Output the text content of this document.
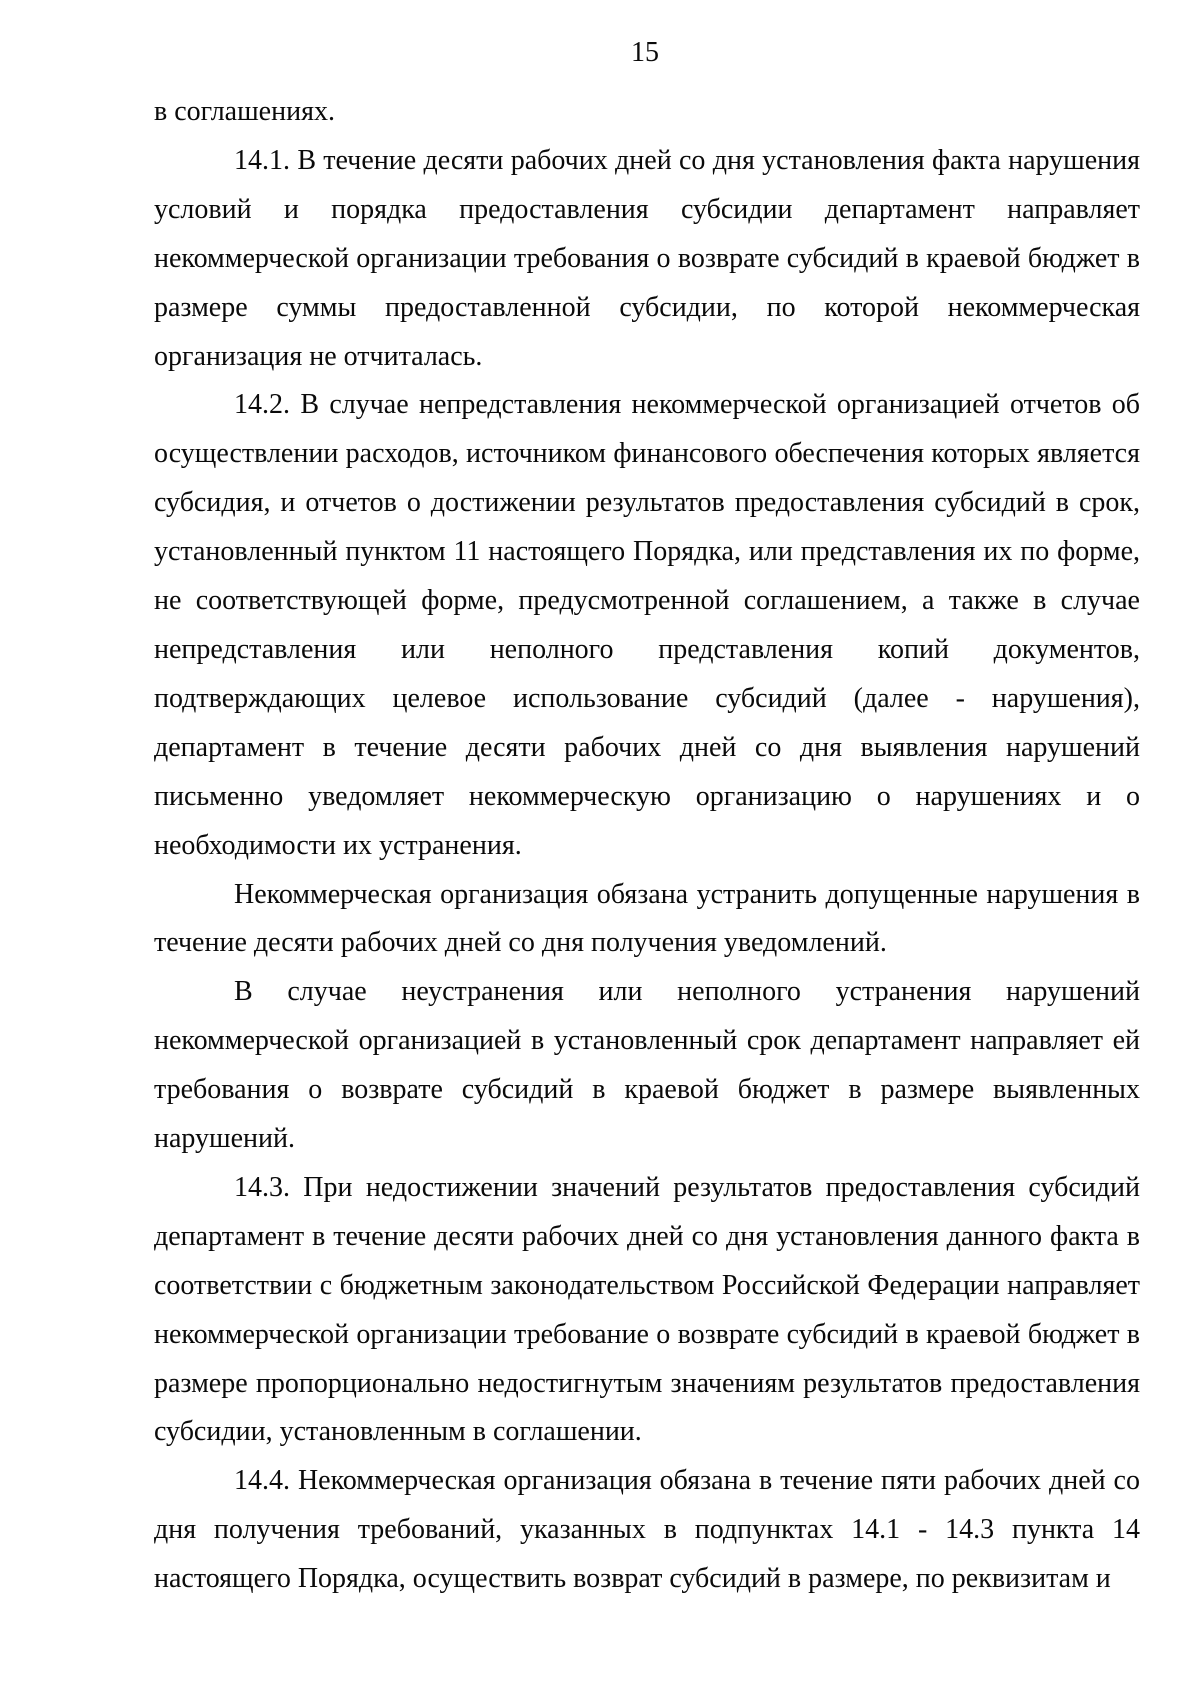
15

в соглашениях.

14.1. В течение десяти рабочих дней со дня установления факта нарушения условий и порядка предоставления субсидии департамент направляет некоммерческой организации требования о возврате субсидий в краевой бюджет в размере суммы предоставленной субсидии, по которой некоммерческая организация не отчиталась.

14.2. В случае непредставления некоммерческой организацией отчетов об осуществлении расходов, источником финансового обеспечения которых является субсидия, и отчетов о достижении результатов предоставления субсидий в срок, установленный пунктом 11 настоящего Порядка, или представления их по форме, не соответствующей форме, предусмотренной соглашением, а также в случае непредставления или неполного представления копий документов, подтверждающих целевое использование субсидий (далее - нарушения), департамент в течение десяти рабочих дней со дня выявления нарушений письменно уведомляет некоммерческую организацию о нарушениях и о необходимости их устранения.

Некоммерческая организация обязана устранить допущенные нарушения в течение десяти рабочих дней со дня получения уведомлений.

В случае неустранения или неполного устранения нарушений некоммерческой организацией в установленный срок департамент направляет ей требования о возврате субсидий в краевой бюджет в размере выявленных нарушений.

14.3. При недостижении значений результатов предоставления субсидий департамент в течение десяти рабочих дней со дня установления данного факта в соответствии с бюджетным законодательством Российской Федерации направляет некоммерческой организации требование о возврате субсидий в краевой бюджет в размере пропорционально недостигнутым значениям результатов предоставления субсидии, установленным в соглашении.

14.4. Некоммерческая организация обязана в течение пяти рабочих дней со дня получения требований, указанных в подпунктах 14.1 - 14.3 пункта 14 настоящего Порядка, осуществить возврат субсидий в размере, по реквизитам и
